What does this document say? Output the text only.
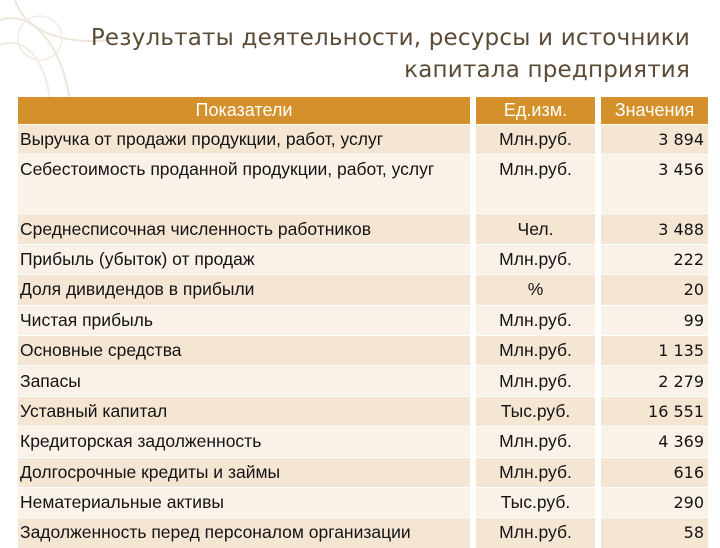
Результаты деятельности, ресурсы и источники
капитала предприятия
Показатели	Ед.изм.	Значения
Выручка от продажи продукции, работ, услуг	Млн.руб.	3 894
Себестоимость проданной продукции, работ, услуг	Млн.руб.	3 456
Среднесписочная численность работников	Чел.	3 488
Прибыль (убыток) от продаж	Млн.руб.	222
Доля дивидендов в прибыли	%	20
Чистая прибыль	Млн.руб.	99
Основные средства	Млн.руб.	1 135
Запасы	Млн.руб.	2 279
Уставный капитал	Тыс.руб.	16 551
Кредиторская задолженность	Млн.руб.	4 369
Долгосрочные кредиты и займы	Млн.руб.	616
Нематериальные активы	Тыс.руб.	290
Задолженность перед персоналом организации	Млн.руб.	58
